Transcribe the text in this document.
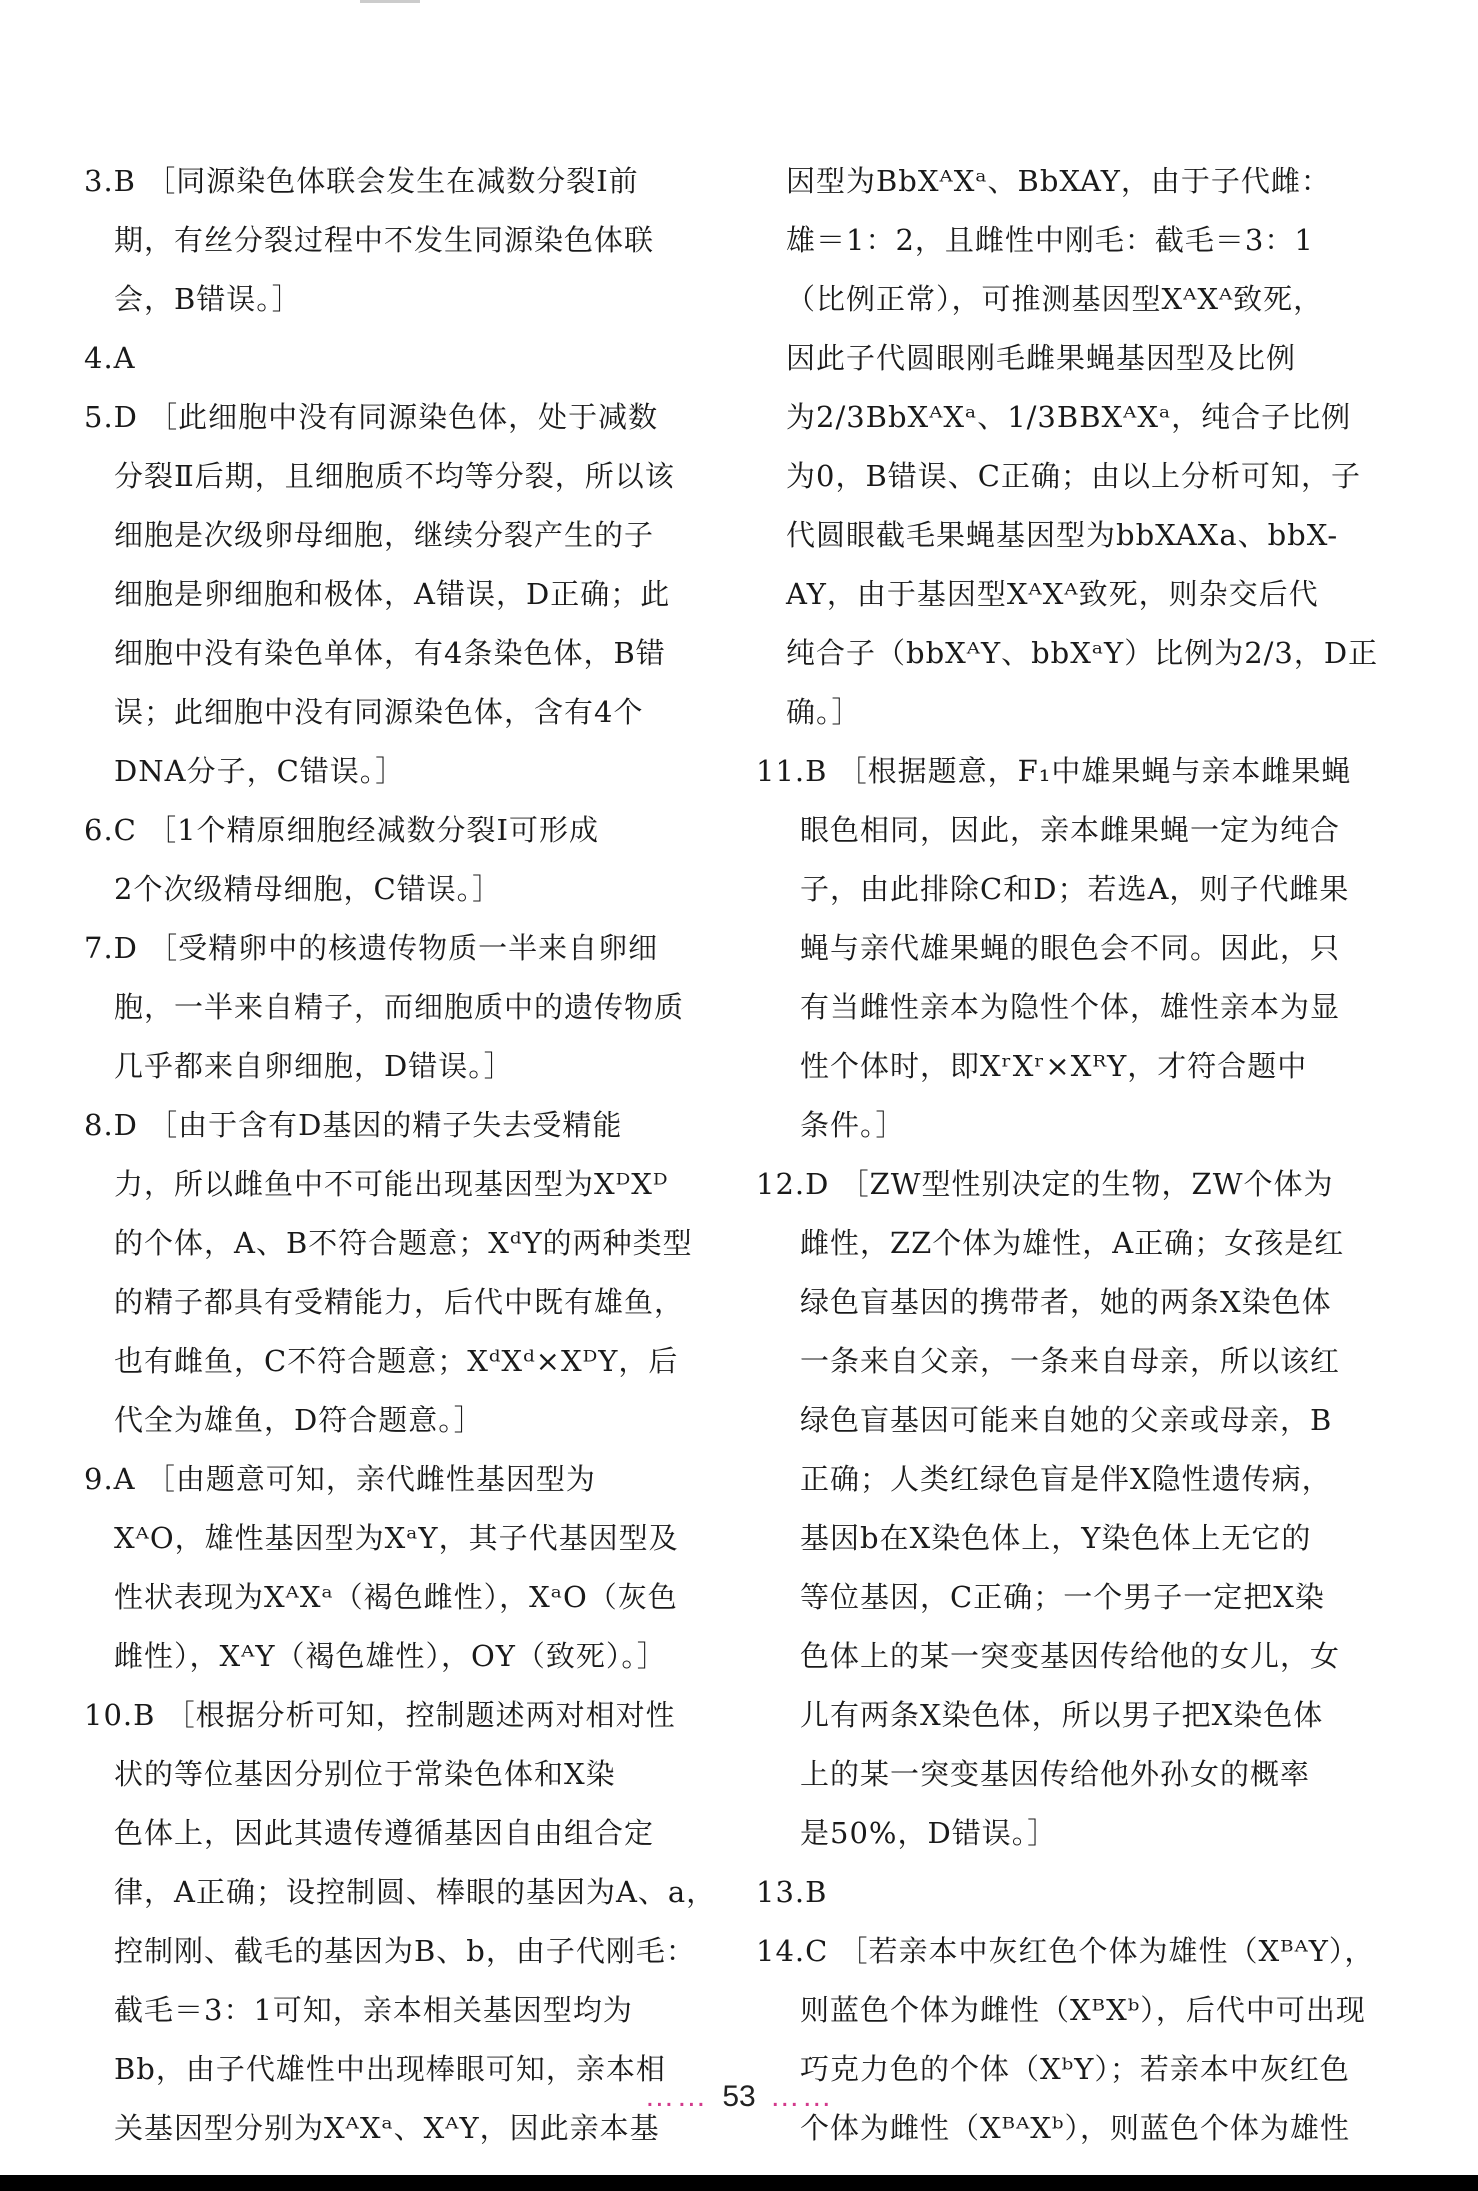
3.B ［同源染色体联会发生在减数分裂Ⅰ前
期，有丝分裂过程中不发生同源染色体联
会，B错误。］
4.A
5.D ［此细胞中没有同源染色体，处于减数
分裂Ⅱ后期，且细胞质不均等分裂，所以该
细胞是次级卵母细胞，继续分裂产生的子
细胞是卵细胞和极体，A错误，D正确；此
细胞中没有染色单体，有4条染色体，B错
误；此细胞中没有同源染色体，含有4个
DNA分子，C错误。］
6.C ［1个精原细胞经减数分裂Ⅰ可形成
2个次级精母细胞，C错误。］
7.D ［受精卵中的核遗传物质一半来自卵细
胞，一半来自精子，而细胞质中的遗传物质
几乎都来自卵细胞，D错误。］
8.D ［由于含有D基因的精子失去受精能
力，所以雌鱼中不可能出现基因型为XᴰXᴰ
的个体，A、B不符合题意；XᵈY的两种类型
的精子都具有受精能力，后代中既有雄鱼，
也有雌鱼，C不符合题意；XᵈXᵈ×XᴰY，后
代全为雄鱼，D符合题意。］
9.A ［由题意可知，亲代雌性基因型为
XᴬO，雄性基因型为XᵃY，其子代基因型及
性状表现为XᴬXᵃ（褐色雌性），XᵃO（灰色
雌性），XᴬY（褐色雄性），OY（致死）。］
10.B ［根据分析可知，控制题述两对相对性
状的等位基因分别位于常染色体和X染
色体上，因此其遗传遵循基因自由组合定
律，A正确；设控制圆、棒眼的基因为A、a，
控制刚、截毛的基因为B、b，由子代刚毛：
截毛＝3：1可知，亲本相关基因型均为
Bb，由子代雄性中出现棒眼可知，亲本相
关基因型分别为XᴬXᵃ、XᴬY，因此亲本基
因型为BbXᴬXᵃ、BbXAY，由于子代雌：
雄＝1：2，且雌性中刚毛：截毛＝3：1
（比例正常），可推测基因型XᴬXᴬ致死，
因此子代圆眼刚毛雌果蝇基因型及比例
为2/3BbXᴬXᵃ、1/3BBXᴬXᵃ，纯合子比例
为0，B错误、C正确；由以上分析可知，子
代圆眼截毛果蝇基因型为bbXAXa、bbX-
AY，由于基因型XᴬXᴬ致死，则杂交后代
纯合子（bbXᴬY、bbXᵃY）比例为2/3，D正
确。］
11.B ［根据题意，F₁中雄果蝇与亲本雌果蝇
眼色相同，因此，亲本雌果蝇一定为纯合
子，由此排除C和D；若选A，则子代雌果
蝇与亲代雄果蝇的眼色会不同。因此，只
有当雌性亲本为隐性个体，雄性亲本为显
性个体时，即XʳXʳ×XᴿY，才符合题中
条件。］
12.D ［ZW型性别决定的生物，ZW个体为
雌性，ZZ个体为雄性，A正确；女孩是红
绿色盲基因的携带者，她的两条X染色体
一条来自父亲，一条来自母亲，所以该红
绿色盲基因可能来自她的父亲或母亲，B
正确；人类红绿色盲是伴X隐性遗传病，
基因b在X染色体上，Y染色体上无它的
等位基因，C正确；一个男子一定把X染
色体上的某一突变基因传给他的女儿，女
儿有两条X染色体，所以男子把X染色体
上的某一突变基因传给他外孙女的概率
是50%，D错误。］
13.B
14.C ［若亲本中灰红色个体为雄性（XᴮᴬY），
则蓝色个体为雌性（XᴮXᵇ），后代中可出现
巧克力色的个体（XᵇY）；若亲本中灰红色
个体为雌性（XᴮᴬXᵇ），则蓝色个体为雄性
…… 53 ……
